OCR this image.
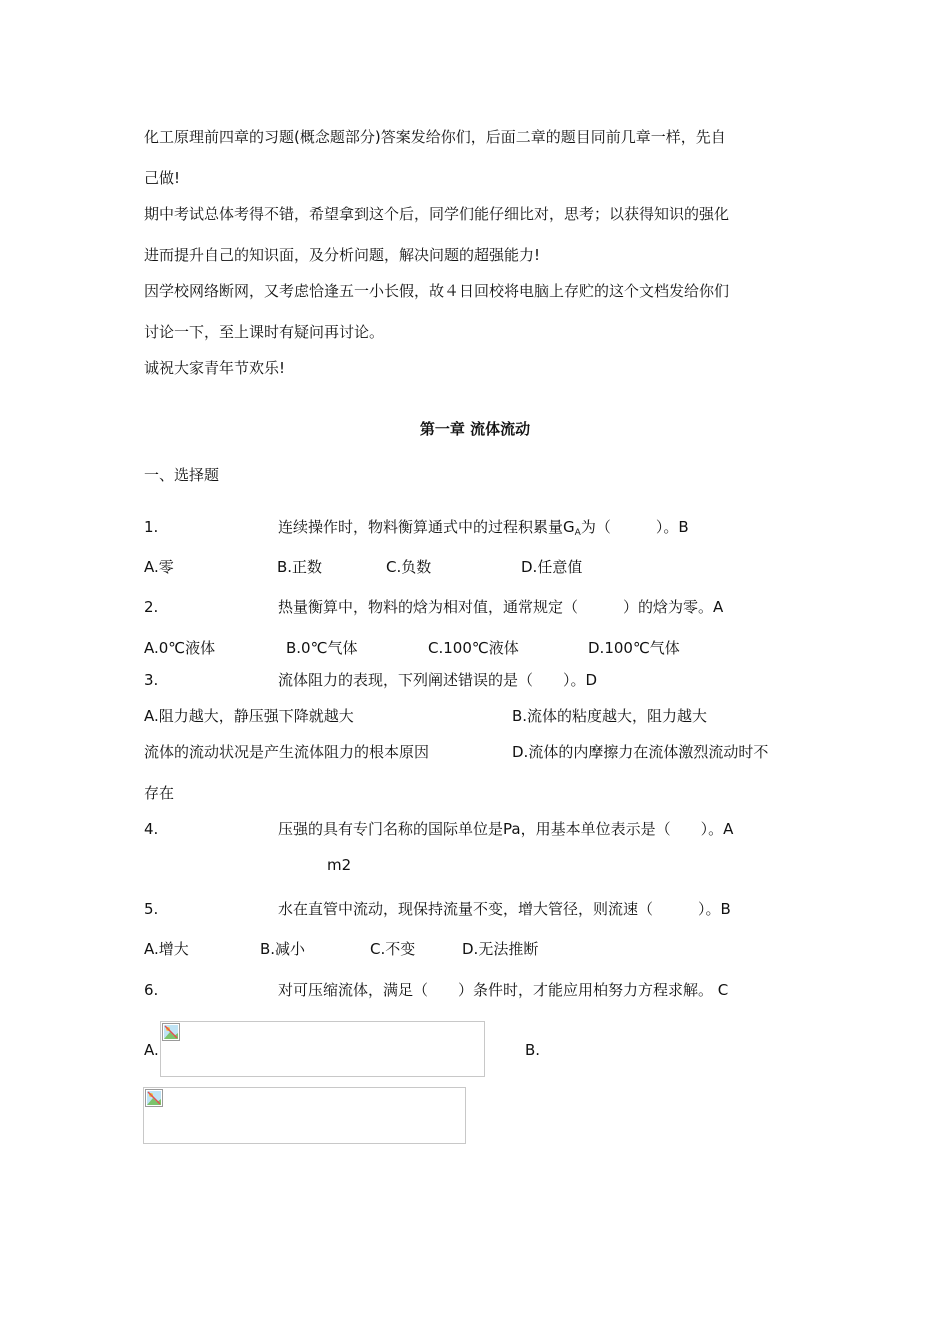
化工原理前四章的习题(概念题部分)答案发给你们，后面二章的题目同前几章一样，先自
己做!
期中考试总体考得不错，希望拿到这个后，同学们能仔细比对，思考；以获得知识的强化
进而提升自己的知识面，及分析问题，解决问题的超强能力!
因学校网络断网，又考虑恰逢五一小长假，故４日回校将电脑上存贮的这个文档发给你们
讨论一下，至上课时有疑问再讨论。
诚祝大家青年节欢乐!
第一章 流体流动
一、选择题
1.	连续操作时，物料衡算通式中的过程积累量$G_A$为（　　　）。B
A.零	B.正数	C.负数	D.任意值
2.	热量衡算中，物料的焓为相对值，通常规定（　　　）的焓为零。A
A.0℃液体	B.0℃气体	C.100℃液体	D.100℃气体
3.	流体阻力的表现，下列阐述错误的是（　　）。D
A.阻力越大，静压强下降就越大	B.流体的粘度越大，阻力越大
流体的流动状况是产生流体阻力的根本原因	D.流体的内摩擦力在流体激烈流动时不
存在
4.	压强的具有专门名称的国际单位是Pa，用基本单位表示是（　　）。A
m2
5.	水在直管中流动，现保持流量不变，增大管径，则流速（　　　）。B
A.增大	B.减小	C.不变	D.无法推断
6.	对可压缩流体，满足（　　）条件时，才能应用柏努力方程求解。 C
A.	B.
